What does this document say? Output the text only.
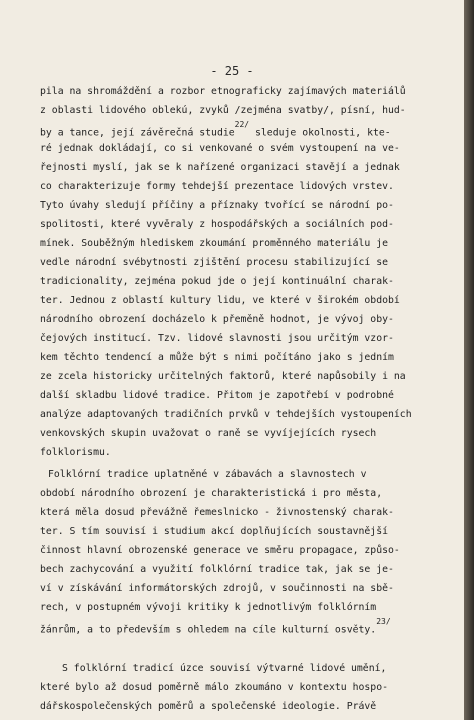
- 25 -
pila na shromáždění a rozbor etnograficky zajímavých materiálů
z oblasti lidového oblekú, zvyků /zejména svatby/, písní, hud-
by a tance, její závěrečná studie$^{22/}$ sleduje okolnosti, kte-
ré jednak dokládají, co si venkované o svém vystoupení na ve-
řejnosti myslí, jak se k nařízené organizaci stavějí a jednak
co charakterizuje formy tehdejší prezentace lidových vrstev.
Tyto úvahy sledují příčiny a příznaky tvořící se národní po-
spolitosti, které vyvěraly z hospodářských a sociálních pod-
mínek. Souběžným hlediskem zkoumání proměnného materiálu je
vedle národní svébytnosti zjištění procesu stabilizující se
tradicionality, zejména pokud jde o její kontinuální charak-
ter. Jednou z oblastí kultury lidu, ve které v širokém období
národního obrození docházelo k přeměně hodnot, je vývoj oby-
čejových institucí. Tzv. lidové slavnosti jsou určitým vzor-
kem těchto tendencí a může být s nimi počítáno jako s jedním
ze zcela historicky určitelných faktorů, které napůsobily i na
další skladbu lidové tradice. Přitom je zapotřebí v podrobné
analýze adaptovaných tradičních prvků v tehdejších vystoupeních
venkovských skupin uvažovat o raně se vyvíjejících rysech
folklorismu.
Folklórní tradice uplatněné v zábavách a slavnostech v
období národního obrození je charakteristická i pro města,
která měla dosud převážně řemeslnicko - živnostenský charak-
ter. S tím souvisí i studium akcí doplňujících soustavnější
činnost hlavní obrozenské generace ve směru propagace, způso-
bech zachycování a využití folklórní tradice tak, jak se je-
ví v získávání informátorských zdrojů, v součinnosti na sbě-
rech, v postupném vývoji kritiky k jednotlivým folklórním
žánrům, a to především s ohledem na cíle kulturní osvěty.$^{23/}$
S folklórní tradicí úzce souvisí výtvarné lidové umění,
které bylo až dosud poměrně málo zkoumáno v kontextu hospo-
dářskospolečenských poměrů a společenské ideologie. Právě
